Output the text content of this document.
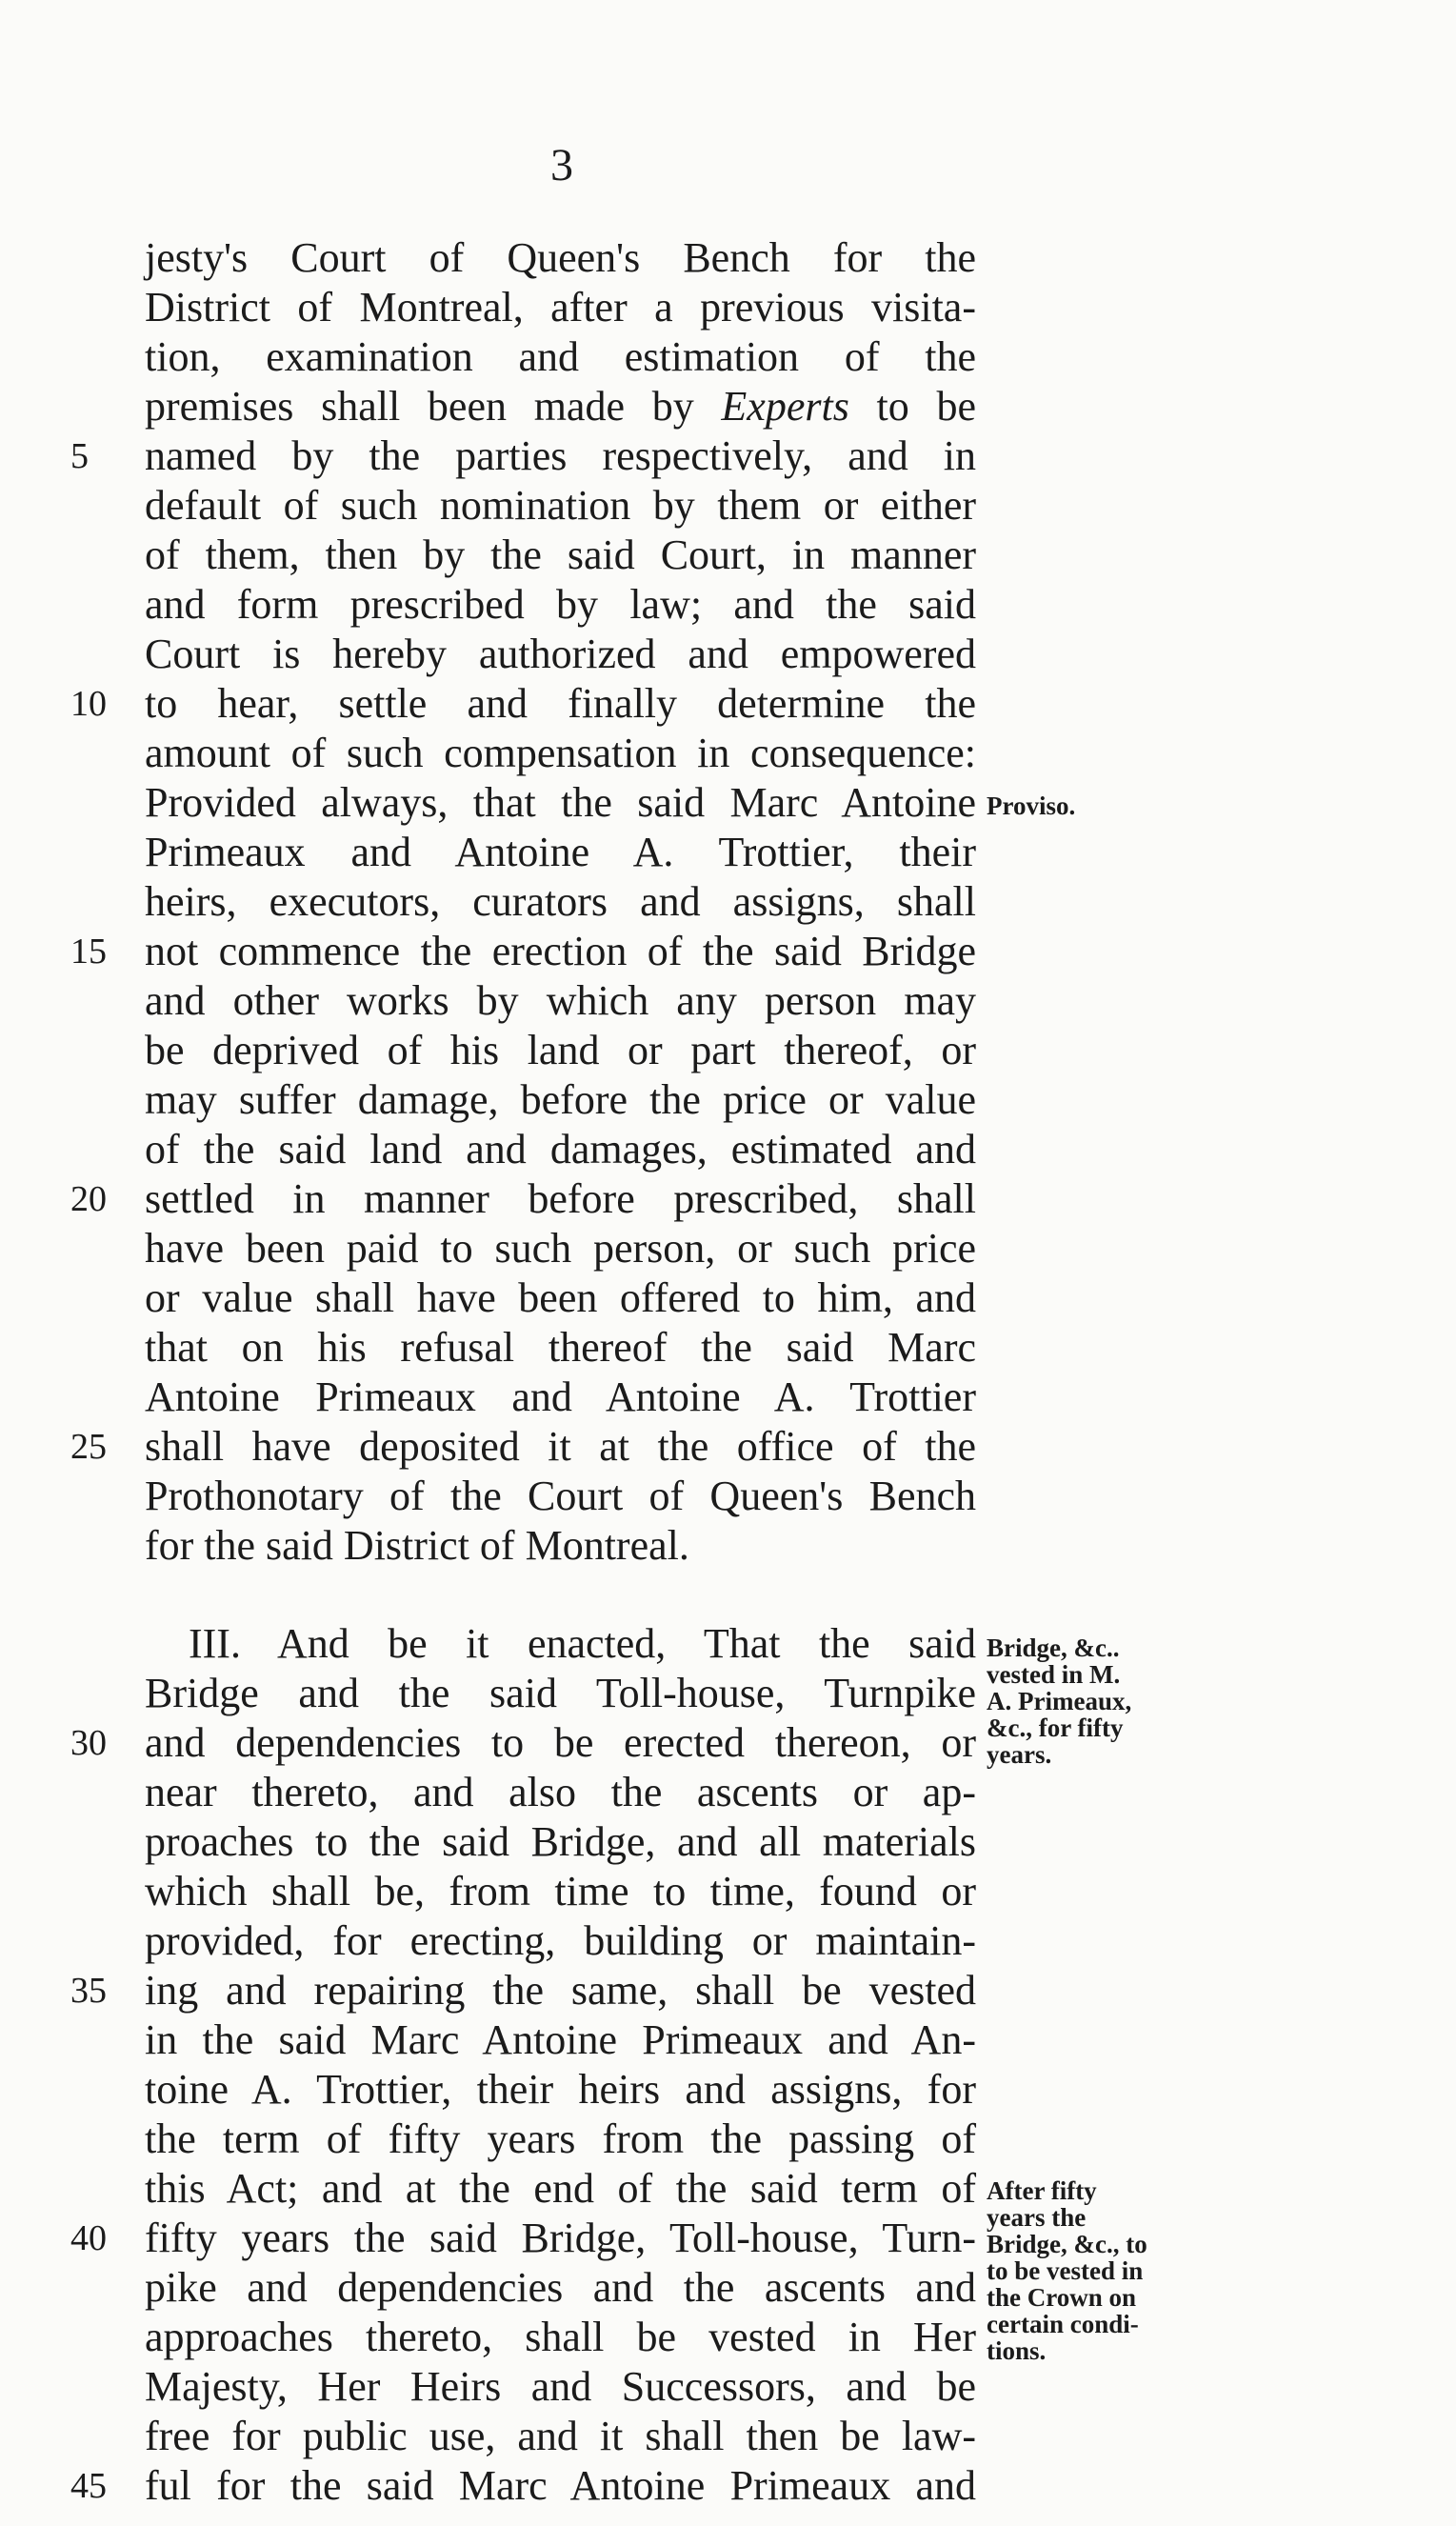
3
jesty's Court of Queen's Bench for the
District of Montreal, after a previous visita-
tion, examination and estimation of the
premises shall been made by Experts to be
named by the parties respectively, and in
default of such nomination by them or either
of them, then by the said Court, in manner
and form prescribed by law; and the said
Court is hereby authorized and empowered
to hear, settle and finally determine the
amount of such compensation in consequence:
Provided always, that the said Marc Antoine
Primeaux and Antoine A. Trottier, their
heirs, executors, curators and assigns, shall
not commence the erection of the said Bridge
and other works by which any person may
be deprived of his land or part thereof, or
may suffer damage, before the price or value
of the said land and damages, estimated and
settled in manner before prescribed, shall
have been paid to such person, or such price
or value shall have been offered to him, and
that on his refusal thereof the said Marc
Antoine Primeaux and Antoine A. Trottier
shall have deposited it at the office of the
Prothonotary of the Court of Queen's Bench
for the said District of Montreal.
III. And be it enacted, That the said
Bridge and the said Toll-house, Turnpike
and dependencies to be erected thereon, or
near thereto, and also the ascents or ap-
proaches to the said Bridge, and all materials
which shall be, from time to time, found or
provided, for erecting, building or maintain-
ing and repairing the same, shall be vested
in the said Marc Antoine Primeaux and An-
toine A. Trottier, their heirs and assigns, for
the term of fifty years from the passing of
this Act; and at the end of the said term of
fifty years the said Bridge, Toll-house, Turn-
pike and dependencies and the ascents and
approaches thereto, shall be vested in Her
Majesty, Her Heirs and Successors, and be
free for public use, and it shall then be law-
ful for the said Marc Antoine Primeaux and
5
10
15
20
25
30
35
40
45
Proviso.
Bridge, &c..
vested in M.
A. Primeaux,
&c., for fifty
years.
After fifty
years the
Bridge, &c., to
to be vested in
the Crown on
certain condi-
tions.
